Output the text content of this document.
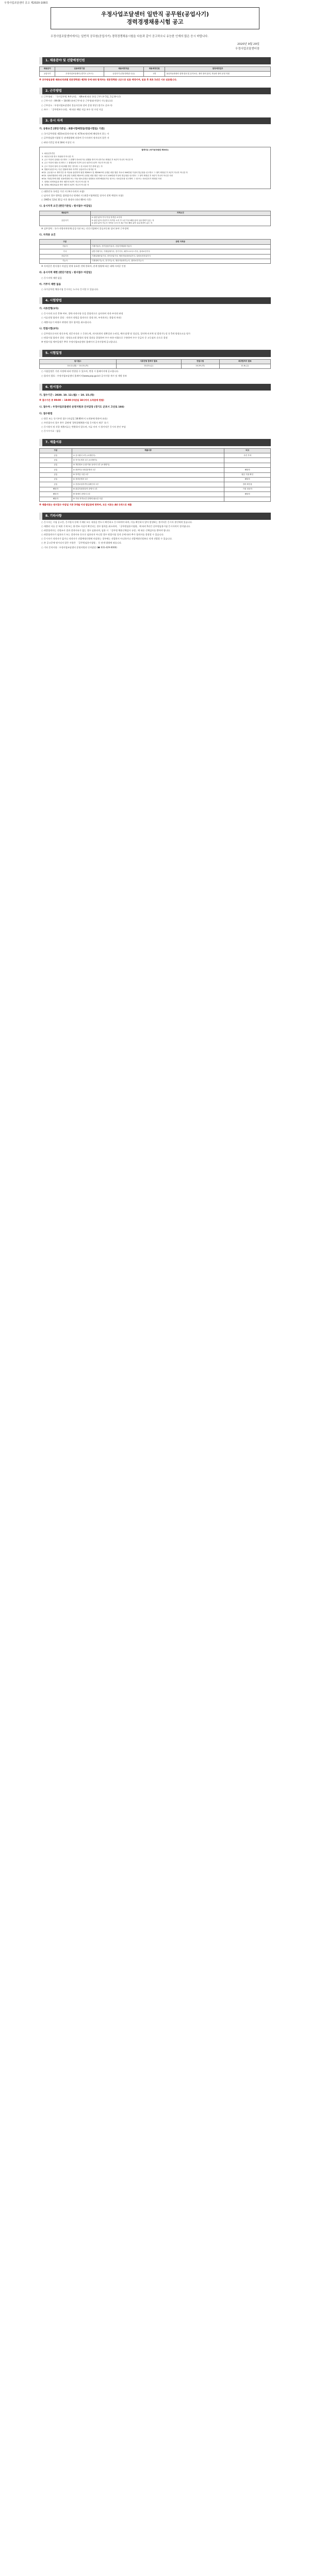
우정사업조달센터 공고 제2020-108호
우정사업조달센터 일반직 공무원(공업사기)
경력경쟁채용시험 공고
우정사업조달센터에서는 일반직 공무원(공업사기) 경력경쟁채용시험을 다음과 같이 공고하오니 유능한 인재의 많은 응시 바랍니다.
2020년 9월 29일
우정사업조달센터장
1. 채용분야 및 선발예정인원
채용분야	임용예정기관	채용예정직급	채용예정인원	담당예정업무
공업사기	우정사업조달센터 (경기도 군포시)	공업사기 (전문경력관 나군)	1명	물류자동화장비 설계·설치 및 유지보수, 정비 장비 관리, 자동화 장비 운영 지원
※ 공무원임용령 제4조(직위별 전문경력관) 제2항 등에 따라 합격자는 전문경력관 나군으로 임용 예정이며, 임용 후 최초 1년간 시보 임용됩니다.
2. 근무방법
○ 근무형태 : 「국가공무원 복무규정」 제9조에 따른 통상 근무 (주 5일, 1일 8시간)
○ 근무시간 : 09:00 ~ 18:00 (유연근무제 등 근무형태 변경이 가능합니다)
○ 근무장소 : 우정사업조달센터 물류자동화 장비 운영 현장 (경기도 군포시)
○ 보수 : 「공무원보수규정」에 따른 해당 직급 보수 및 수당 지급
3. 응시 자격
가. 공통요건 [판단기준일 : 최종시험예정일(면접시험일) 기준]
○ 국가공무원법 제33조(결격사유) 및 제74조(정년)에 해당하지 않는 자
○ 공무원임용시험령 등 관계법령에 의하여 응시자격이 정지되지 않은 자
○ 판단기준일 현재 18세 이상인 자
결격사유 (국가공무원법 제33조)
1. 피성년후견인
2. 파산선고를 받고 복권되지 아니한 자
3. 금고 이상의 실형을 선고받고 그 집행이 종료되거나 집행을 받지 아니하기로 확정된 후 5년이 지나지 아니한 자
4. 금고 이상의 형을 선고받고 그 집행유예 기간이 끝난 날부터 2년이 지나지 아니한 자
5. 금고 이상의 형의 선고유예를 받은 경우에 그 선고유예 기간 중에 있는 자
6. 법원의 판결 또는 다른 법률에 따라 자격이 상실되거나 정지된 자
6의2. 공무원으로 재직기간 중 직무와 관련하여 형법 제355조 및 제356조에 규정된 죄를 범한 자로서 300만원 이상의 벌금형을 선고받고 그 형이 확정된 후 2년이 지나지 아니한 자
6의3. 성폭력범죄의 처벌 등에 관한 특례법 제2조에 규정된 죄를 범한 사람으로서 100만원 이상의 벌금형을 선고받고 그 형이 확정된 후 3년이 지나지 아니한 사람
6의4. 미성년자에 대한 성폭력범죄 또는 아동·청소년대상 성범죄로 파면·해임되거나 형 또는 치료감호를 선고받아 그 형 또는 치료감호가 확정된 사람
7. 징계로 파면처분을 받은 때부터 5년이 지나지 아니한 자
8. 징계로 해임처분을 받은 때부터 3년이 지나지 아니한 자
○ 대한민국 국적을 가진 자 (복수국적자 포함)
○ 남자의 경우 병역을 필하였거나 면제된 자 (최종시험예정일 전까지 전역 예정자 포함)
○ 1965년 12월 31일 이후 출생자 (정년 60세 기준)
나. 응시자격 요건 [판단기준일 : 원서접수 마감일]
채용분야	자격요건
공업사기	① 관련 분야 기사 이상 자격증 소지자
② 관련 분야 산업기사 자격증 소지 후 1년 이상 해당 분야 실무경력이 있는 자
③ 관련 분야 기능사 자격증 소지 후 3년 이상 해당 분야 실무경력이 있는 자
※ 실무경력 : 국가·지방자치단체·공공기관 또는 민간기업에서 물류자동화 설비 분야 근무경력
다. 자격증 요건
구분	관련 자격증
기술사	기계기술사, 전기응용기술사, 산업기계설비기술사
기사	일반기계기사, 기계설계기사, 전기기사, 메카트로닉스기사, 설비보전기사
산업기사	기계설계산업기사, 전기산업기사, 생산자동화산업기사, 설비보전산업기사
기능사	기계정비기능사, 전기기능사, 생산자동화기능사, 설비보전기능사
※ 자격증은 원서접수 마감일 현재 유효한 것에 한하며, 관계 법령에 따른 대체 자격증 인정
라. 응시지역 제한 [판단기준일 : 원서접수 마감일]
○ 응시지역 제한 없음
마. 거주지 제한 없음
○ 국가공무원 채용시험 응시자는 누구나 응시할 수 있습니다.
4. 시험방법
가. 서류전형(1차)
○ 응시자격 요건 충족 여부, 경력·자격사항 등을 종합적으로 심사하여 적격·부적격 판정
○ 서류전형 합격자 결정 : 적격자 전원을 합격자로 결정 (단, 부적격자는 불합격 처리)
○ 제출서류가 허위로 판명된 경우 합격을 취소합니다.
나. 면접시험(2차)
○ 공무원으로서의 정신자세, 전문지식과 그 응용능력, 의사표현의 정확성과 논리성, 예의·품행 및 성실성, 창의력·의지력 및 발전가능성 등 5개 평정요소를 평가
○ 면접시험 합격자 결정 : 평정요소별 위원의 평정 결과를 종합하여 우수·보통·미흡으로 구분하여 우수 등급자 중 고득점자 순으로 결정
※ 면접시험 세부일정은 추후 우정사업조달센터 홈페이지 공지사항에 공고합니다.
5. 시험일정
원서접수	서류전형 합격자 발표	면접시험	최종합격자 발표
10.12.(월) ~ 10.15.(목)	10.23.(금)	10.29.(목)	11.6.(금)
○ 시험일정은 기관 사정에 따라 변경될 수 있으며, 변경 시 홈페이지에 공고합니다.
○ 합격자 발표 : 우정사업조달센터 홈페이지(www.pop.go.kr) 공지사항 게시 및 개별 통보
6. 원서접수
가. 접수기간 : 2020. 10. 12.(월) ~ 10. 15.(목)
※ 접수기간 중 09:00 ~ 18:00 (마감일 18시까지 도착분에 한함)
나. 접수처 : 우정사업조달센터 운영지원과 인사담당 (경기도 군포시 고산로 166)
다. 접수방법
○ 방문 또는 등기우편 접수 (마감일 18:00까지 도착분에 한하여 유효)
○ 우편접수의 경우 봉투 겉면에 '경력경쟁채용시험 응시원서 재중' 표기
○ 응시원서 및 각종 제출서류는 반환하지 않으며, 서류 미비 시 불이익은 응시자 본인 부담
○ 응시수수료 : 없음
7. 제출서류
구분	제출서류	비고
공통	① 응시원서 1부 (소정양식)	사진 부착
공통	② 자기소개서 1부 (소정양식)	
공통	③ 개인정보 수집·이용 동의서 1부 (소정양식)	
공통	④ 최종학교 졸업증명서 1부	해당자
공통	⑤ 자격증 사본 1부	원본 지참 확인
공통	⑥ 경력증명서 1부	해당자
공통	⑦ 건강보험자격득실확인서 1부	경력 확인용
해당자	⑧ 취업지원대상자 증명서 1부	가점 대상자
해당자	⑨ 장애인 증명서 1부	해당자
해당자	⑩ 기타 자격요건 증명에 필요한 서류	
※ 제출서류는 원서접수 마감일 기준 3개월 이내 발급분에 한하며, 모든 서류는 A4 규격으로 제출
8. 기타사항
○ 응시자는 시험 공고문, 응시원서 등에 기재된 모든 내용을 반드시 확인하고 응시하여야 하며, 이를 확인하지 않아 발생하는 불이익은 응시자 본인에게 있습니다.
○ 제출된 서류 중 허위 기재 또는 위·변조 사실이 확인되는 경우 합격을 취소하며, 「공무원임용시험령」에 따라 5년간 공무원임용시험 응시자격이 정지됩니다.
○ 최종합격자는 신원조사 결과 결격사유가 없는 경우 임용되며, 임용 시 「공무원 채용신체검사 규정」에 따른 신체검사를 받아야 합니다.
○ 최종합격자가 임용포기 또는 결격사유 등으로 임용되지 아니할 경우 면접시험 성적 순에 따라 추가 합격자를 결정할 수 있습니다.
○ 응시자가 적격자가 없거나 적격자가 선발예정인원에 미달하는 경우에는 선발하지 아니하거나 선발예정인원보다 적게 선발할 수 있습니다.
○ 본 공고문에 명시되지 않은 사항은 「공무원임용시험령」 등 관계 법령에 따릅니다.
○ 기타 문의사항 : 우정사업조달센터 운영지원과 인사담당 (☎ 031-429-0000)
